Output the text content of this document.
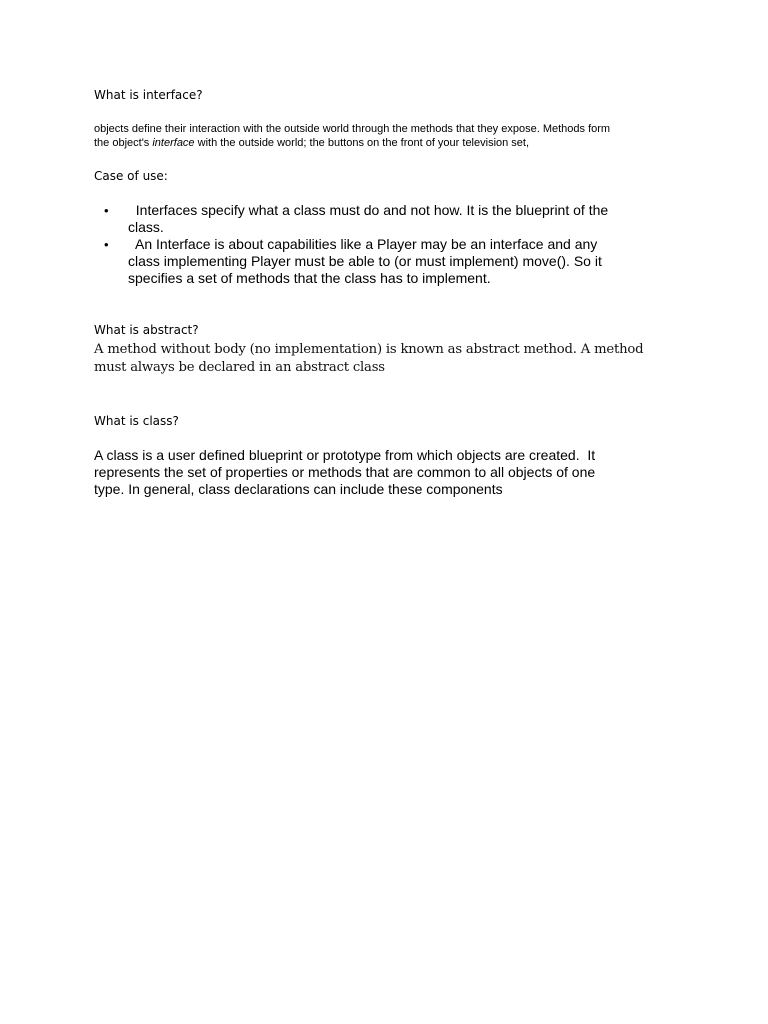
What is interface?
objects define their interaction with the outside world through the methods that they expose. Methods form
the object's interface with the outside world; the buttons on the front of your television set,
Case of use:
• Interfaces specify what a class must do and not how. It is the blueprint of the
class.
• An Interface is about capabilities like a Player may be an interface and any
class implementing Player must be able to (or must implement) move(). So it
specifies a set of methods that the class has to implement.
What is abstract?
A method without body (no implementation) is known as abstract method. A method
must always be declared in an abstract class
What is class?
A class is a user defined blueprint or prototype from which objects are created.  It
represents the set of properties or methods that are common to all objects of one
type. In general, class declarations can include these components
